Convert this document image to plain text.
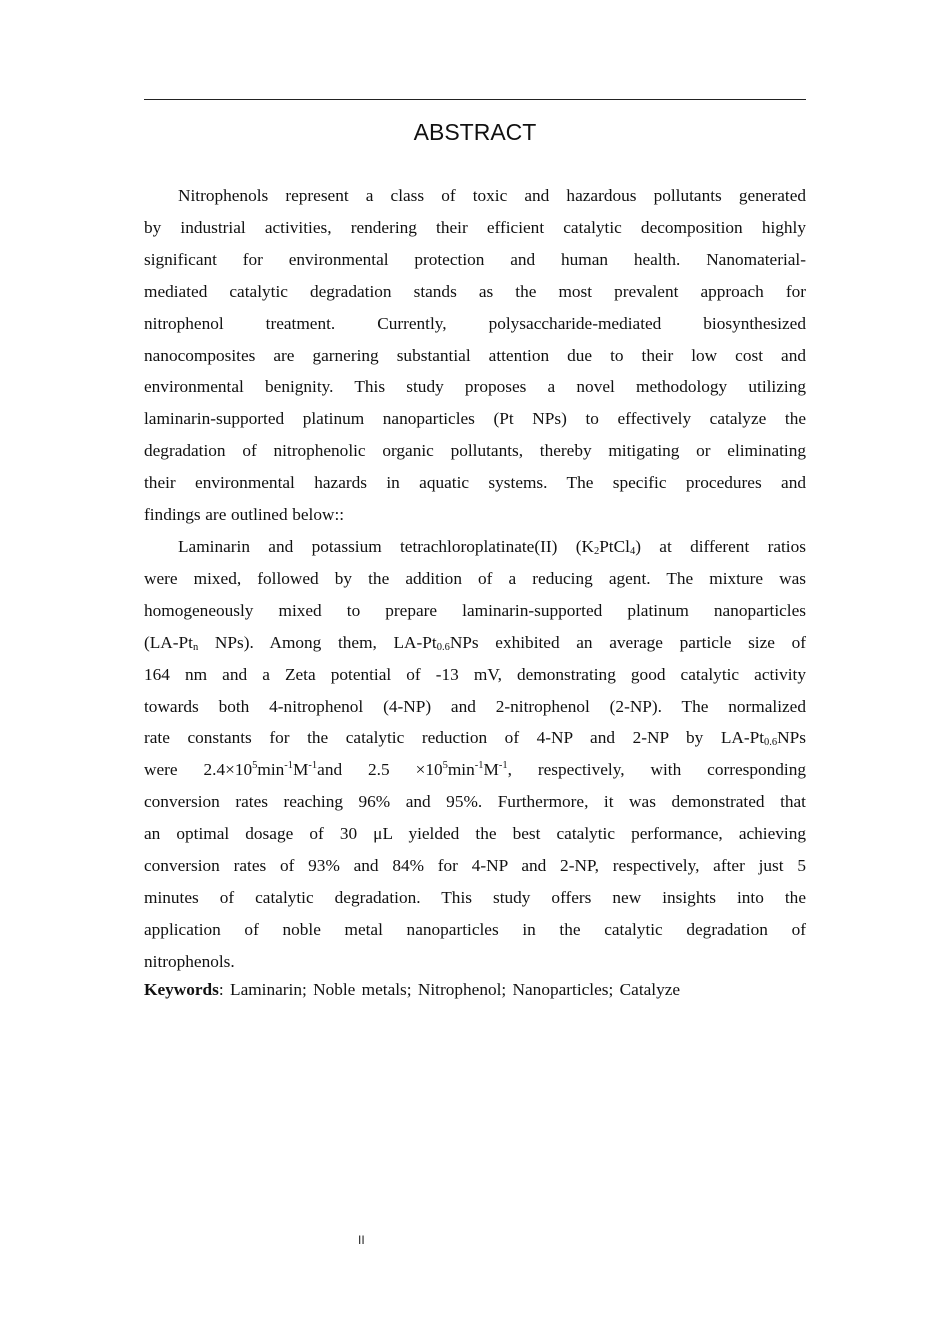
ABSTRACT

Nitrophenols represent a class of toxic and hazardous pollutants generated
by industrial activities, rendering their efficient catalytic decomposition highly
significant for environmental protection and human health. Nanomaterial-
mediated catalytic degradation stands as the most prevalent approach for
nitrophenol treatment. Currently, polysaccharide-mediated biosynthesized
nanocomposites are garnering substantial attention due to their low cost and
environmental benignity. This study proposes a novel methodology utilizing
laminarin-supported platinum nanoparticles (Pt NPs) to effectively catalyze the
degradation of nitrophenolic organic pollutants, thereby mitigating or eliminating
their environmental hazards in aquatic systems. The specific procedures and
findings are outlined below::

Laminarin and potassium tetrachloroplatinate(II) $(K_2PtCl_4)$ at different ratios
were mixed, followed by the addition of a reducing agent. The mixture was
homogeneously mixed to prepare laminarin-supported platinum nanoparticles
($LA-Pt_n$ NPs). Among them, $LA-Pt_{0.6}NPs$ exhibited an average particle size of
164 nm and a Zeta potential of -13 mV, demonstrating good catalytic activity
towards both 4-nitrophenol (4-NP) and 2-nitrophenol (2-NP). The normalized
rate constants for the catalytic reduction of 4-NP and 2-NP by $LA-Pt_{0.6}NPs$
were $2.4\times 10^5\min^{-1}M^{-1}and$ $2.5 \times 10^5\min^{-1}M^{-1}$, respectively, with corresponding
conversion rates reaching 96% and 95%. Furthermore, it was demonstrated that
an optimal dosage of 30 μL yielded the best catalytic performance, achieving
conversion rates of 93% and 84% for 4-NP and 2-NP, respectively, after just 5
minutes of catalytic degradation. This study offers new insights into the
application of noble metal nanoparticles in the catalytic degradation of
nitrophenols.

Keywords: Laminarin; Noble metals; Nitrophenol; Nanoparticles; Catalyze

II
